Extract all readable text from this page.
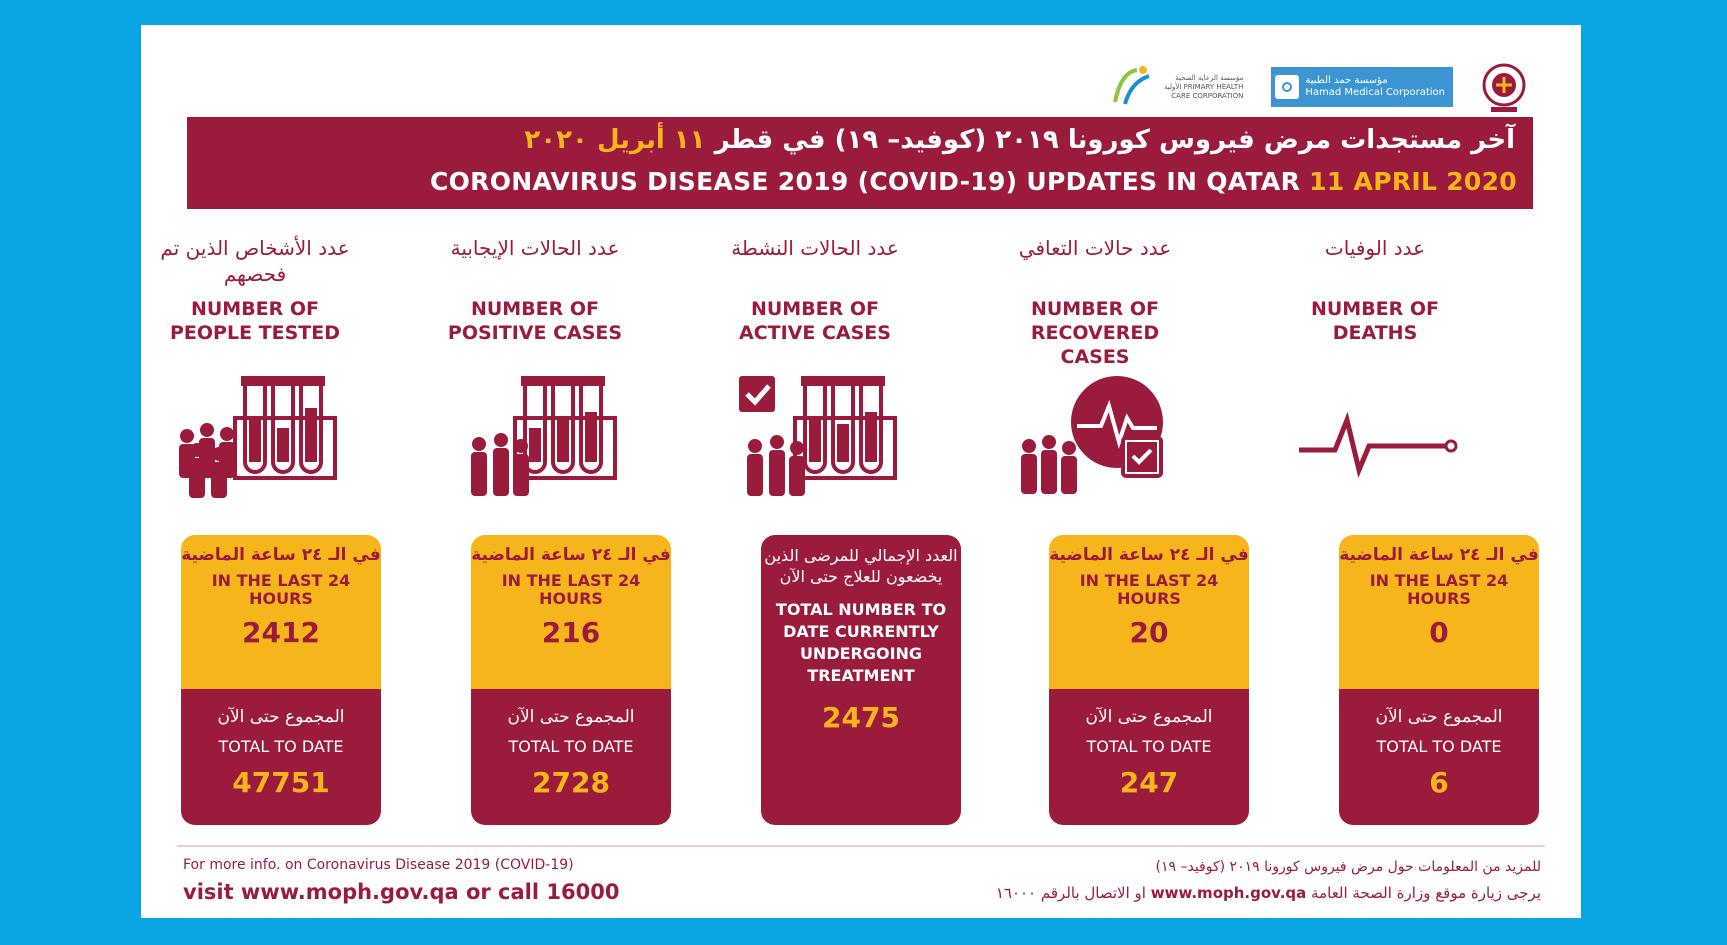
مؤسسة الرعاية الصحية الأولية PRIMARY HEALTH CARE CORPORATION
مؤسسة حمد الطبية
Hamad Medical Corporation
آخر مستجدات مرض فيروس كورونا ٢٠١٩ (كوفيد– ١٩) في قطر ١١ أبريل ٢٠٢٠
CORONAVIRUS DISEASE 2019 (COVID-19) UPDATES IN QATAR 11 APRIL 2020
عدد الأشخاص الذين تم فحصهم
NUMBER OF PEOPLE TESTED
عدد الحالات الإيجابية
NUMBER OF POSITIVE CASES
عدد الحالات النشطة
NUMBER OF ACTIVE CASES
عدد حالات التعافي
NUMBER OF RECOVERED CASES
عدد الوفيات
NUMBER OF DEATHS
في الـ ٢٤ ساعة الماضية
IN THE LAST 24 HOURS
2412
المجموع حتى الآن
TOTAL TO DATE
47751
في الـ ٢٤ ساعة الماضية
IN THE LAST 24 HOURS
216
المجموع حتى الآن
TOTAL TO DATE
2728
العدد الإجمالي للمرضى الذين يخضعون للعلاج حتى الآن
TOTAL NUMBER TO DATE CURRENTLY UNDERGOING TREATMENT
2475
في الـ ٢٤ ساعة الماضية
IN THE LAST 24 HOURS
20
المجموع حتى الآن
TOTAL TO DATE
247
في الـ ٢٤ ساعة الماضية
IN THE LAST 24 HOURS
0
المجموع حتى الآن
TOTAL TO DATE
6
For more info. on Coronavirus Disease 2019 (COVID-19)
visit www.moph.gov.qa or call 16000
للمزيد من المعلومات حول مرض فيروس كورونا ٢٠١٩ (كوفيد– ١٩)
يرجى زيارة موقع وزارة الصحة العامة www.moph.gov.qa او الاتصال بالرقم ١٦٠٠٠
